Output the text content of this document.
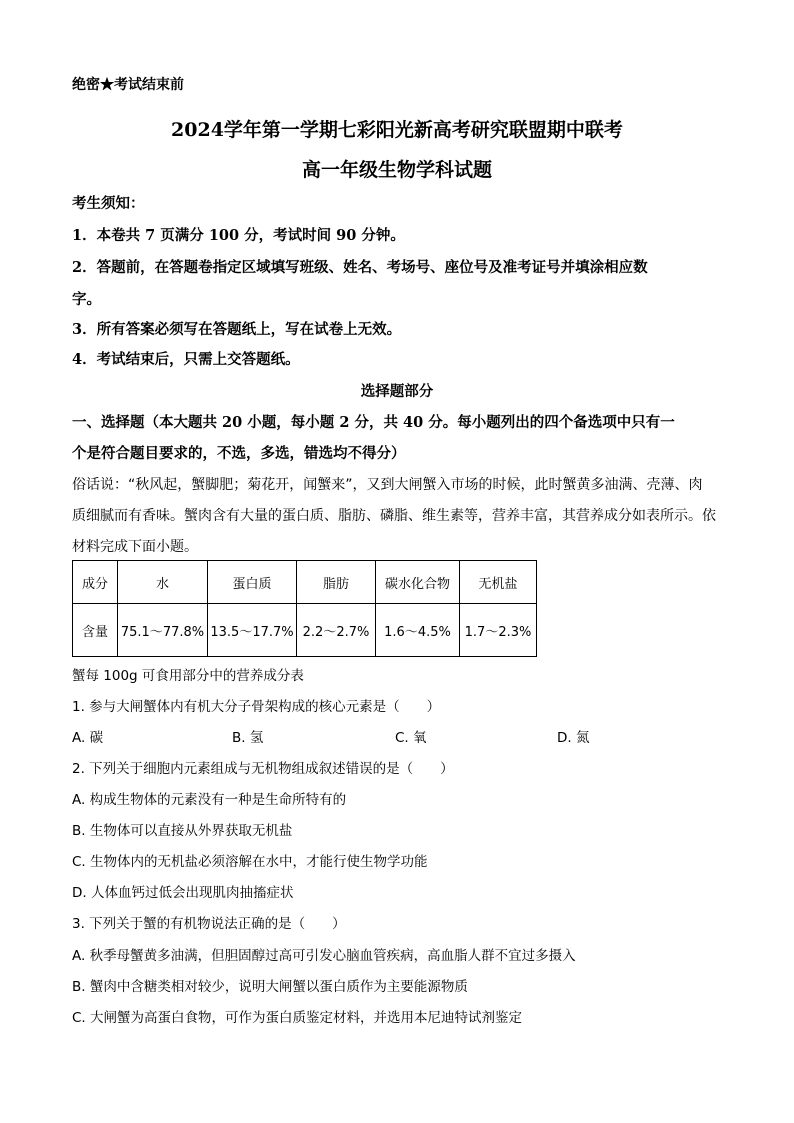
绝密★考试结束前
2024学年第一学期七彩阳光新高考研究联盟期中联考
高一年级生物学科试题
考生须知：
1．本卷共 7 页满分 100 分，考试时间 90 分钟。
2．答题前，在答题卷指定区域填写班级、姓名、考场号、座位号及准考证号并填涂相应数
字。
3．所有答案必须写在答题纸上，写在试卷上无效。
4．考试结束后，只需上交答题纸。
选择题部分
一、选择题（本大题共 20 小题，每小题 2 分，共 40 分。每小题列出的四个备选项中只有一
个是符合题目要求的，不选，多选，错选均不得分）
俗话说：“秋风起，蟹脚肥；菊花开，闻蟹来”，又到大闸蟹入市场的时候，此时蟹黄多油满、壳薄、肉
质细腻而有香味。蟹肉含有大量的蛋白质、脂肪、磷脂、维生素等，营养丰富，其营养成分如表所示。依
材料完成下面小题。
成分	水	蛋白质	脂肪	碳水化合物	无机盐
含量	75.1～77.8%	13.5～17.7%	2.2～2.7%	1.6～4.5%	1.7～2.3%
蟹每 100g 可食用部分中的营养成分表
1. 参与大闸蟹体内有机大分子骨架构成的核心元素是（　　）
A. 碳	B. 氢	C. 氧	D. 氮
2. 下列关于细胞内元素组成与无机物组成叙述错误的是（　　）
A. 构成生物体的元素没有一种是生命所特有的
B. 生物体可以直接从外界获取无机盐
C. 生物体内的无机盐必须溶解在水中，才能行使生物学功能
D. 人体血钙过低会出现肌肉抽搐症状
3. 下列关于蟹的有机物说法正确的是（　　）
A. 秋季母蟹黄多油满，但胆固醇过高可引发心脑血管疾病，高血脂人群不宜过多摄入
B. 蟹肉中含糖类相对较少，说明大闸蟹以蛋白质作为主要能源物质
C. 大闸蟹为高蛋白食物，可作为蛋白质鉴定材料，并选用本尼迪特试剂鉴定
